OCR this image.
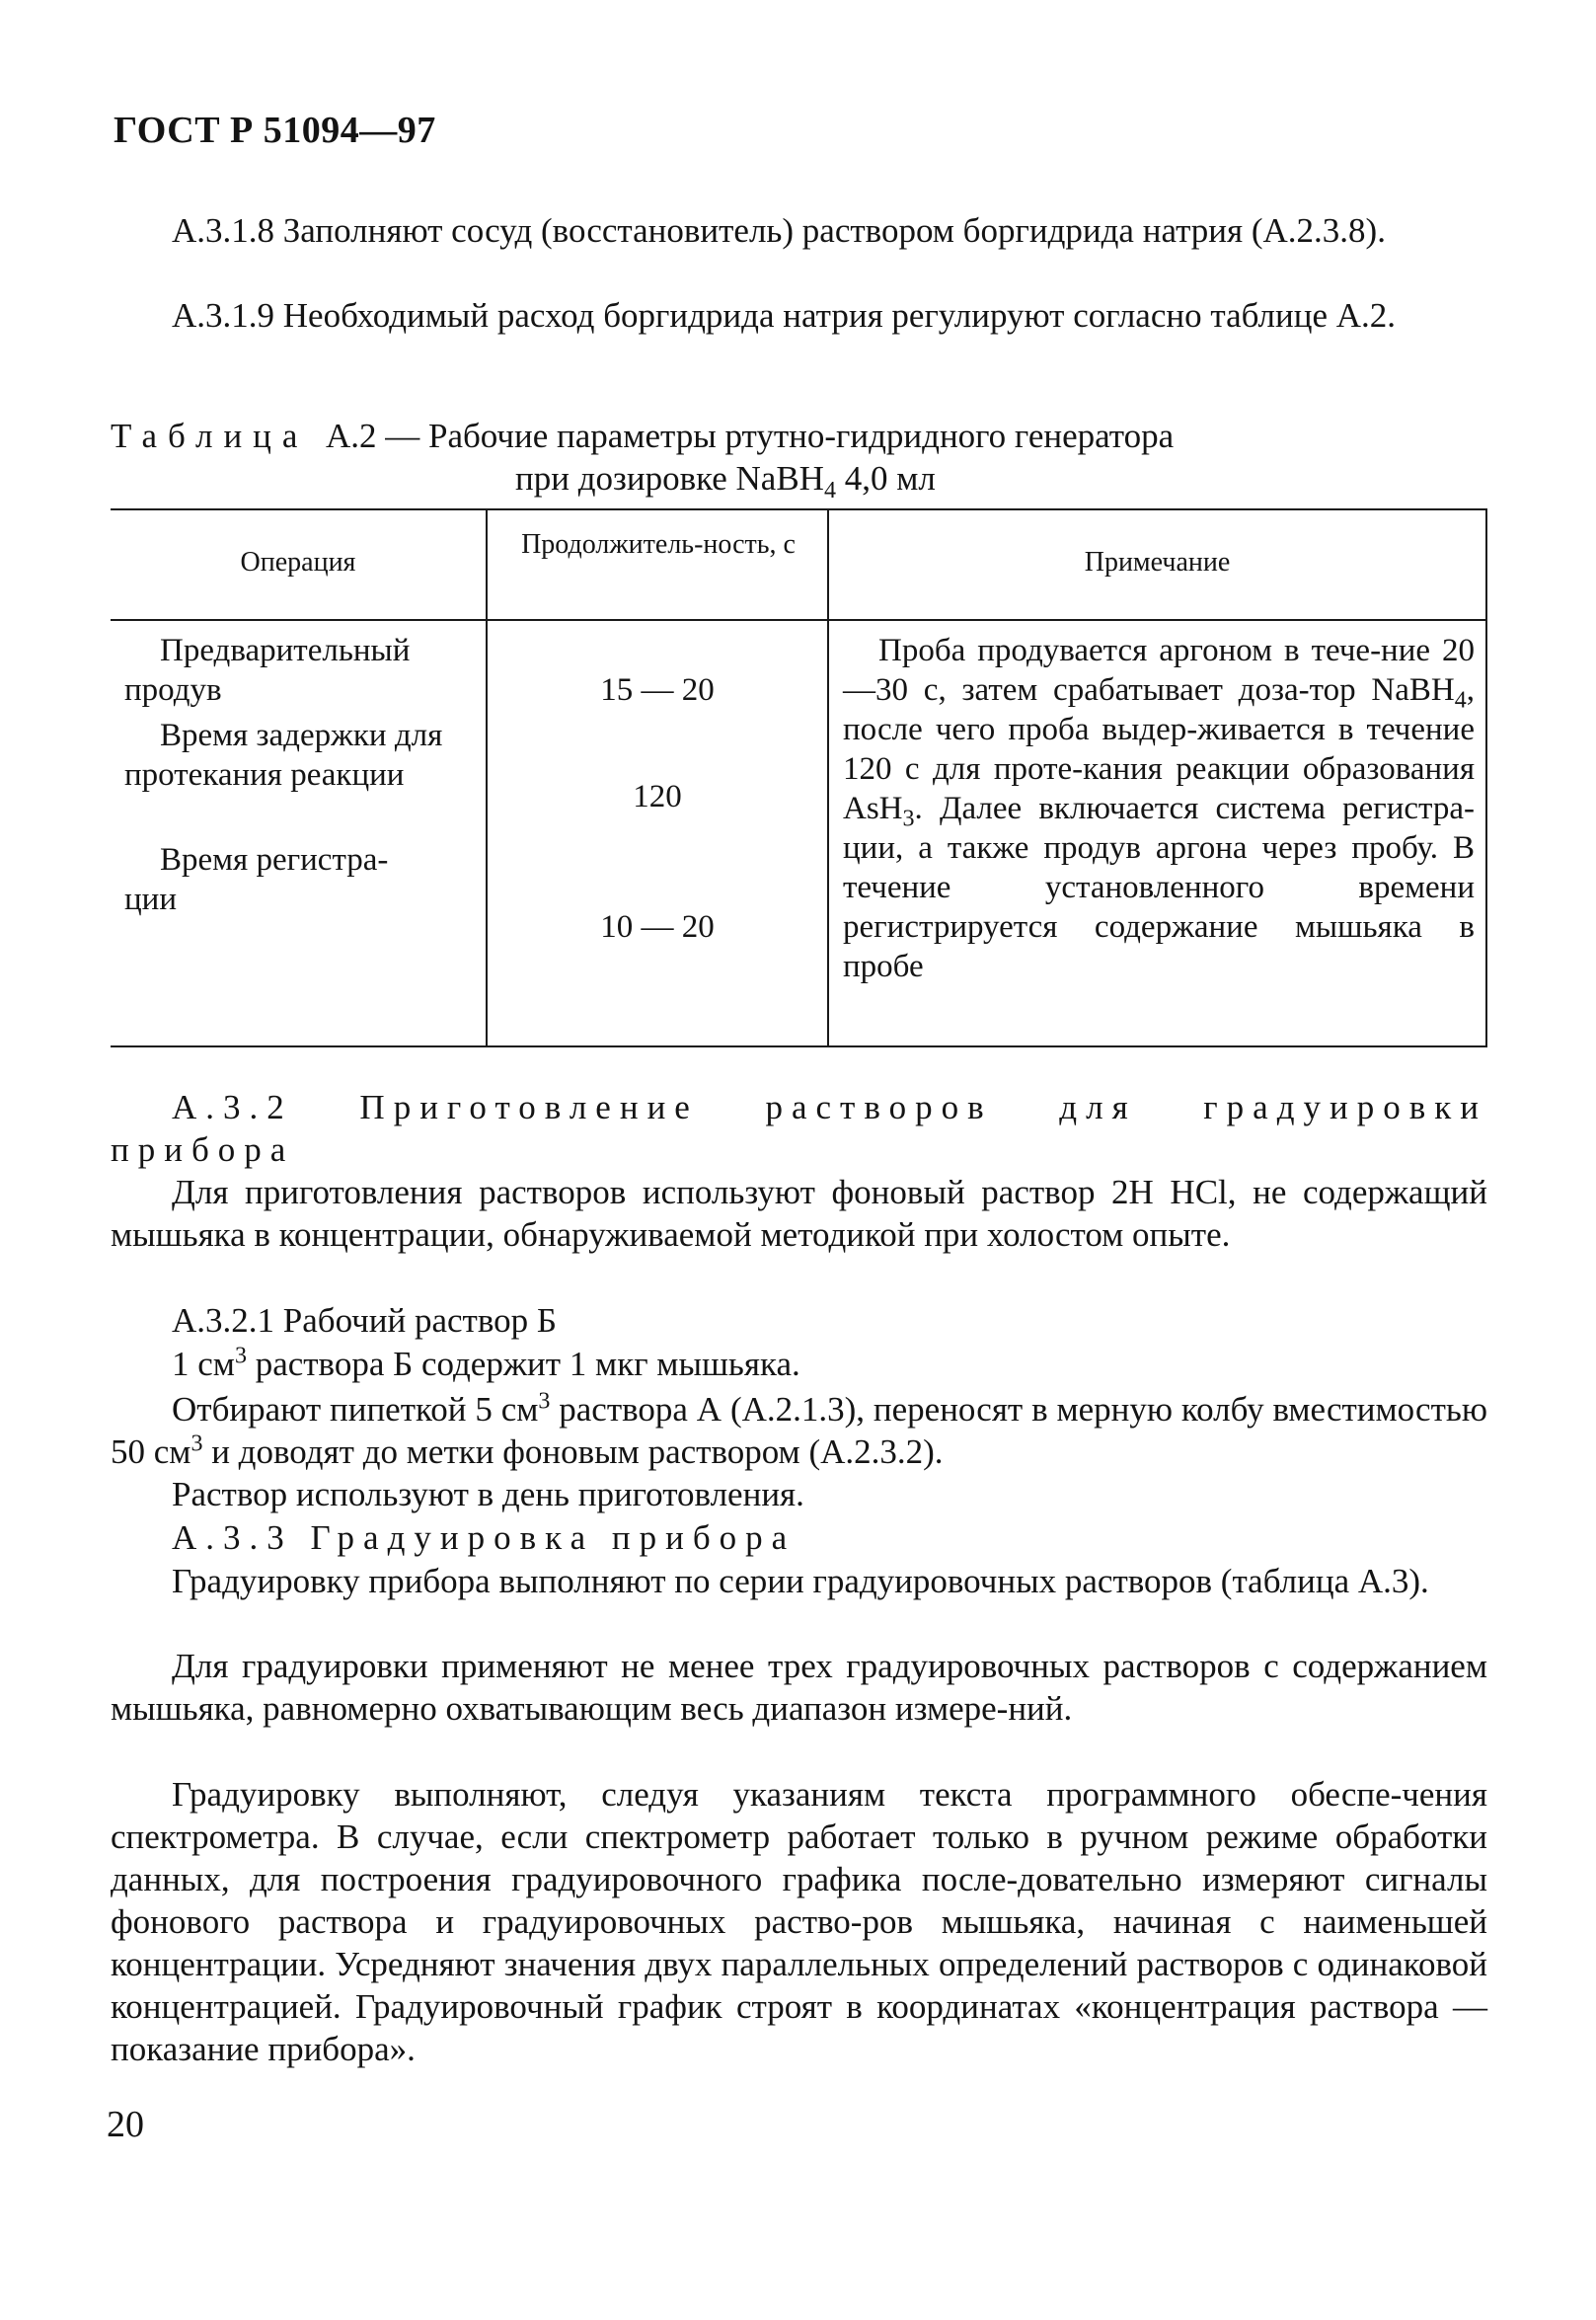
ГОСТ Р 51094—97
А.3.1.8 Заполняют сосуд (восстановитель) раствором боргидрида натрия (А.2.3.8).
А.3.1.9 Необходимый расход боргидрида натрия регулируют согласно таблице А.2.
Таблица А.2 — Рабочие параметры ртутно-гидридного генератора
при дозировке NaBH$_4$ 4,0 мл
Операция
Продолжитель-ность, с
Примечание
Предварительный продув
Время задержки для протекания реакции
Время регистра-ции
15 — 20
120
10 — 20
Проба продувается аргоном в тече-ние 20—30 с, затем срабатывает доза-тор NaBH$_4$, после чего проба выдер-живается в течение 120 с для проте-кания реакции образования AsH$_3$. Далее включается система регистра-ции, а также продув аргона через пробу. В течение установленного времени регистрируется содержание мышьяка в пробе
А.3.2 Приготовление растворов для градуировки прибора
Для приготовления растворов используют фоновый раствор 2Н HCl, не содержащий мышьяка в концентрации, обнаруживаемой методикой при холостом опыте.
А.3.2.1 Рабочий раствор Б
1 $см^3$ раствора Б содержит 1 мкг мышьяка.
Отбирают пипеткой 5 $см^3$ раствора А (А.2.1.3), переносят в мерную колбу вместимостью 50 $см^3$ и доводят до метки фоновым раствором (А.2.3.2).
Раствор используют в день приготовления.
А.3.3 Градуировка прибора
Градуировку прибора выполняют по серии градуировочных растворов (таблица А.3).
Для градуировки применяют не менее трех градуировочных растворов с содержанием мышьяка, равномерно охватывающим весь диапазон измере-ний.
Градуировку выполняют, следуя указаниям текста программного обеспе-чения спектрометра. В случае, если спектрометр работает только в ручном режиме обработки данных, для построения градуировочного графика после-довательно измеряют сигналы фонового раствора и градуировочных раство-ров мышьяка, начиная с наименьшей концентрации. Усредняют значения двух параллельных определений растворов с одинаковой концентрацией. Градуировочный график строят в координатах «концентрация раствора — показание прибора».
20
